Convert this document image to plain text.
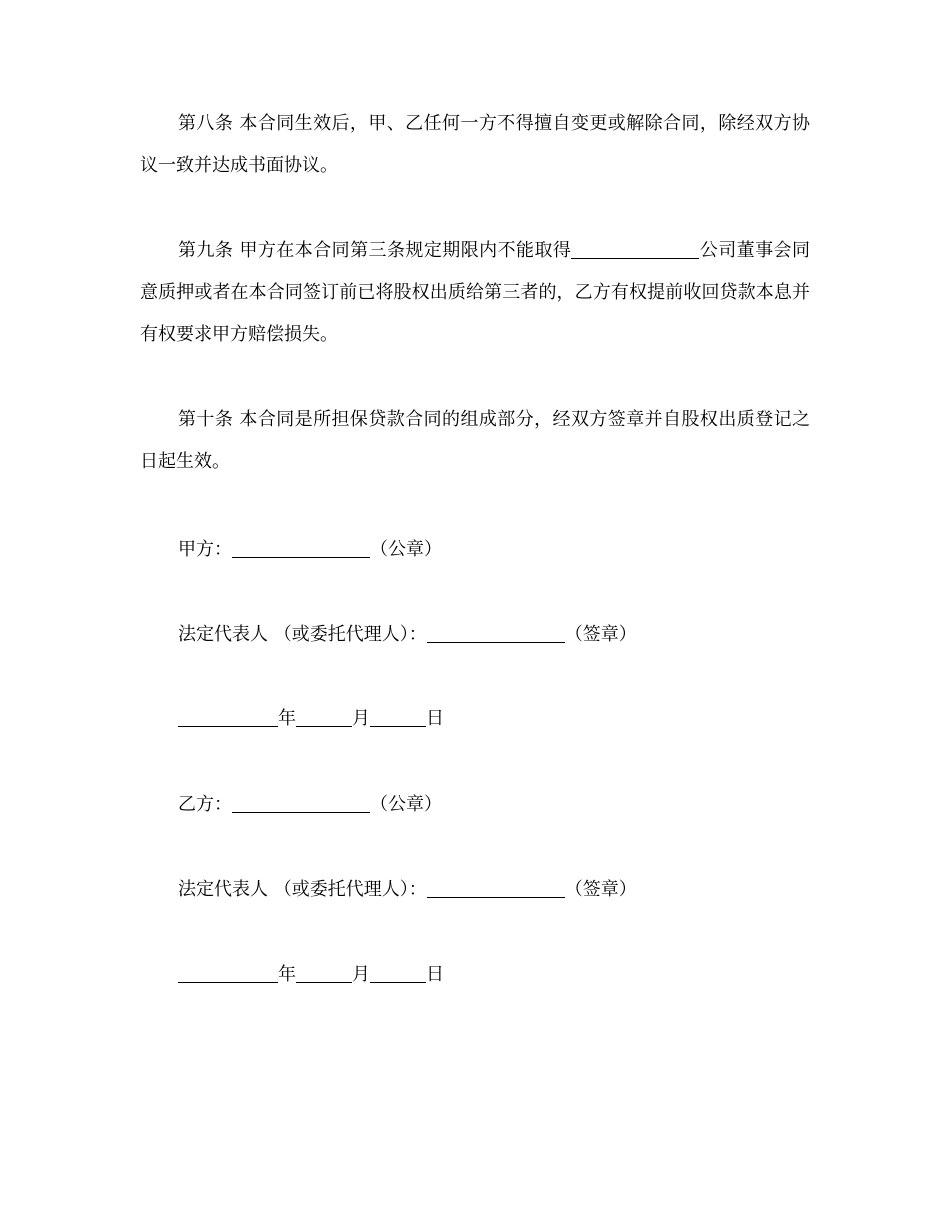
第八条 本合同生效后，甲、乙任何一方不得擅自变更或解除合同，除经双方协议一致并达成书面协议。

第九条 甲方在本合同第三条规定期限内不能取得	公司董事会同意质押或者在本合同签订前已将股权出质给第三者的，乙方有权提前收回贷款本息并有权要求甲方赔偿损失。

第十条 本合同是所担保贷款合同的组成部分，经双方签章并自股权出质登记之日起生效。

甲方：	（公章）

法定代表人 （或委托代理人）：	（签章）

年	月	日

乙方：	（公章）

法定代表人 （或委托代理人）：	（签章）

年	月	日
